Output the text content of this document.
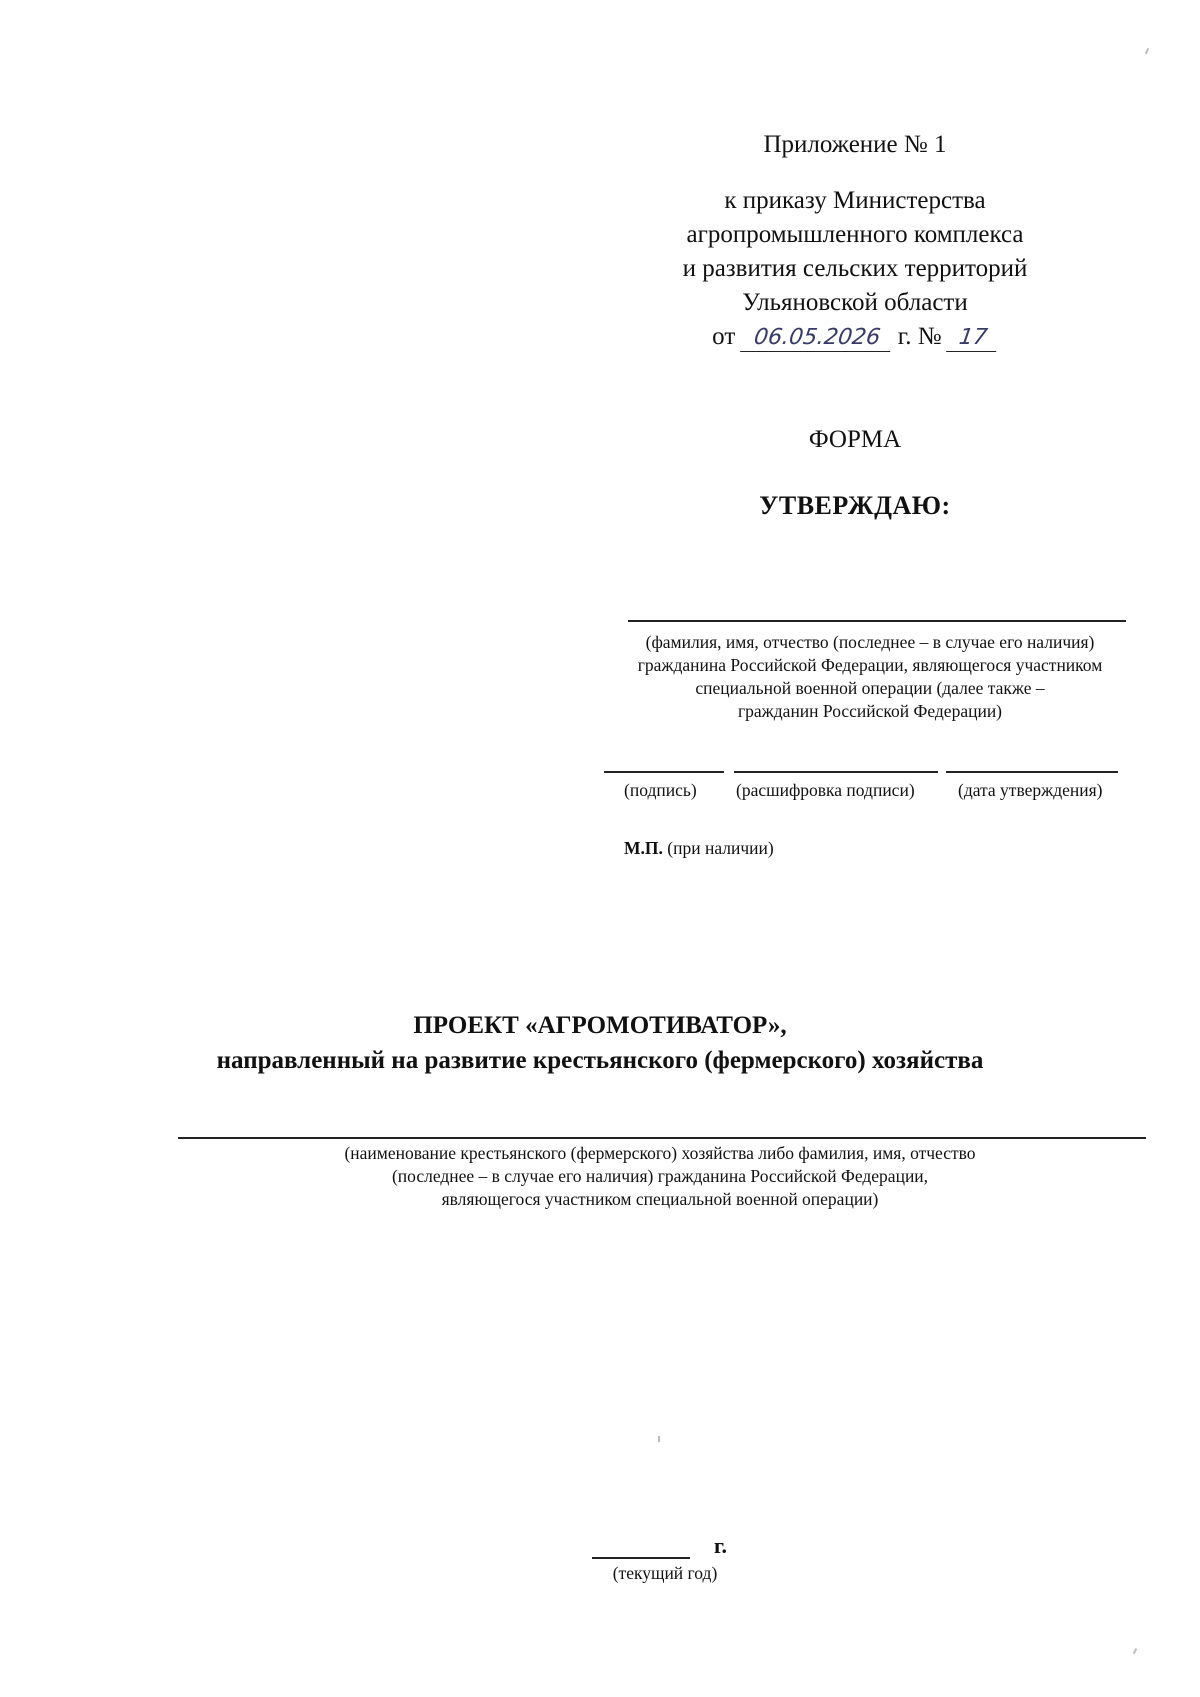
Приложение № 1
к приказу Министерства
агропромышленного комплекса
и развития сельских территорий
Ульяновской области
от 06.05.2026 г. № 17
ФОРМА
УТВЕРЖДАЮ:
(фамилия, имя, отчество (последнее – в случае его наличия)
гражданина Российской Федерации, являющегося участником
специальной военной операции (далее также –
гражданин Российской Федерации)
(подпись) (расшифровка подписи) (дата утверждения)
М.П. (при наличии)
ПРОЕКТ «АГРОМОТИВАТОР»,
направленный на развитие крестьянского (фермерского) хозяйства
(наименование крестьянского (фермерского) хозяйства либо фамилия, имя, отчество
(последнее – в случае его наличия) гражданина Российской Федерации,
являющегося участником специальной военной операции)
г.
(текущий год)
